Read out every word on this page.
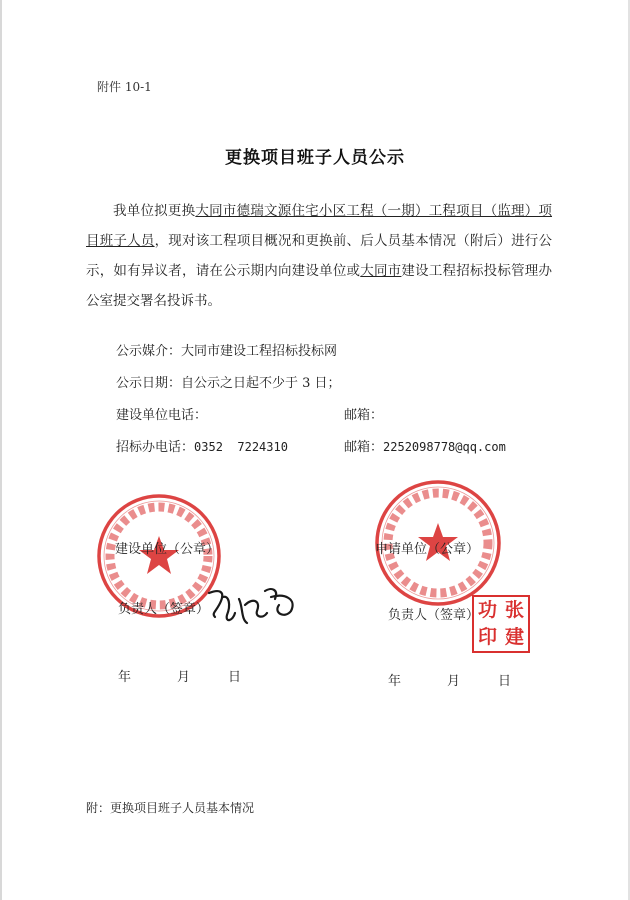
附件 10-1
更换项目班子人员公示
我单位拟更换大同市德瑞文源住宅小区工程（一期）工程项目（监理）项目班子人员，现对该工程项目概况和更换前、后人员基本情况（附后）进行公示，如有异议者，请在公示期内向建设单位或大同市建设工程招标投标管理办公室提交署名投诉书。
公示媒介：大同市建设工程招标投标网
公示日期：自公示之日起不少于 3 日；
建设单位电话：	邮箱：
招标办电话：0352  7224310	邮箱：2252098778@qq.com
建设单位（公章）	申请单位（公章）
负责人（签章）	负责人（签章）
功 张
印 建
年	月	日	年	月	日
附：更换项目班子人员基本情况
